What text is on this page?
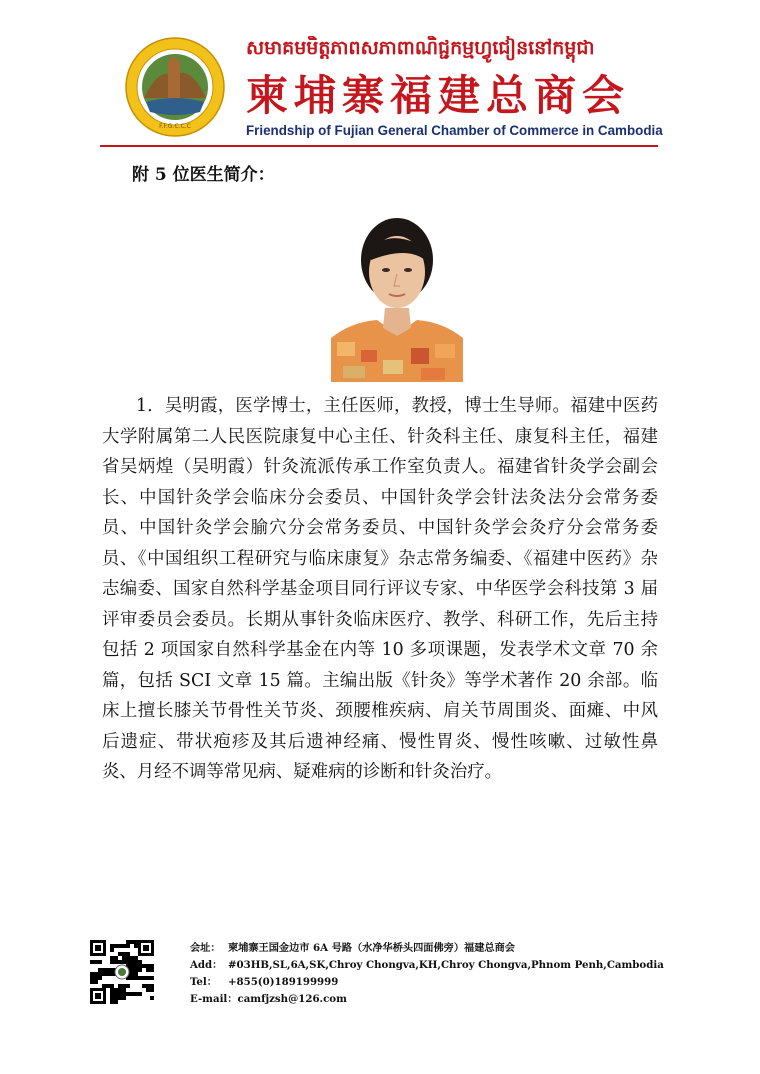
F.F.G.C.C.C
សមាគមមិត្តភាពសភាពាណិជ្ជកម្មហ្វូជៀននៅកម្ពុជា
柬埔寨福建总商会
Friendship of Fujian General Chamber of Commerce in Cambodia
附 5 位医生简介：

1．吴明霞，医学博士，主任医师，教授，博士生导师。福建中医药大学附属第二人民医院康复中心主任、针灸科主任、康复科主任，福建省吴炳煌（吴明霞）针灸流派传承工作室负责人。福建省针灸学会副会长、中国针灸学会临床分会委员、中国针灸学会针法灸法分会常务委员、中国针灸学会腧穴分会常务委员、中国针灸学会灸疗分会常务委员、《中国组织工程研究与临床康复》杂志常务编委、《福建中医药》杂志编委、国家自然科学基金项目同行评议专家、中华医学会科技第 3 届评审委员会委员。长期从事针灸临床医疗、教学、科研工作，先后主持包括 2 项国家自然科学基金在内等 10 多项课题，发表学术文章 70 余篇，包括 SCI 文章 15 篇。主编出版《针灸》等学术著作 20 余部。临床上擅长膝关节骨性关节炎、颈腰椎疾病、肩关节周围炎、面瘫、中风后遗症、带状疱疹及其后遗神经痛、慢性胃炎、慢性咳嗽、过敏性鼻炎、月经不调等常见病、疑难病的诊断和针灸治疗。

会址： 柬埔寨王国金边市 6A 号路（水净华桥头四面佛旁）福建总商会
Add： #03HB,SL,6A,SK,Chroy Chongva,KH,Chroy Chongva,Phnom Penh,Cambodia
Tel： +855(0)189199999
E-mail：camfjzsh@126.com
